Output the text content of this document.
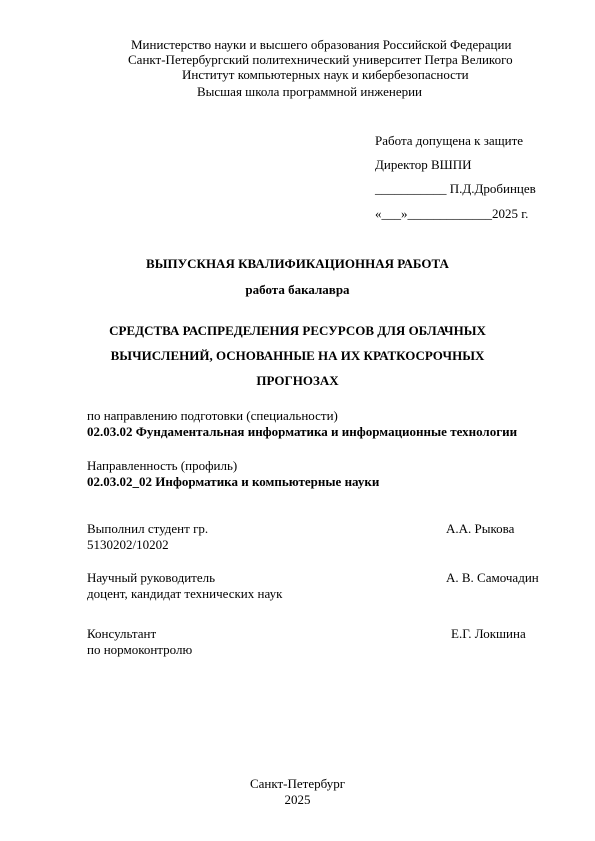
Министерство науки и высшего образования Российской Федерации
Санкт-Петербургский политехнический университет Петра Великого
Институт компьютерных наук и кибербезопасности
Высшая школа программной инженерии
Работа допущена к защите
Директор ВШПИ
___________ П.Д.Дробинцев
«___»_____________2025 г.
ВЫПУСКНАЯ КВАЛИФИКАЦИОННАЯ РАБОТА
работа бакалавра
СРЕДСТВА РАСПРЕДЕЛЕНИЯ РЕСУРСОВ ДЛЯ ОБЛАЧНЫХ
ВЫЧИСЛЕНИЙ, ОСНОВАННЫЕ НА ИХ КРАТКОСРОЧНЫХ
ПРОГНОЗАХ
по направлению подготовки (специальности)
02.03.02 Фундаментальная информатика и информационные технологии
Направленность (профиль)
02.03.02_02 Информатика и компьютерные науки
Выполнил студент гр.
5130202/10202
А.А. Рыкова
Научный руководитель
доцент, кандидат технических наук
А. В. Самочадин
Консультант
по нормоконтролю
Е.Г. Локшина
Санкт-Петербург
2025
